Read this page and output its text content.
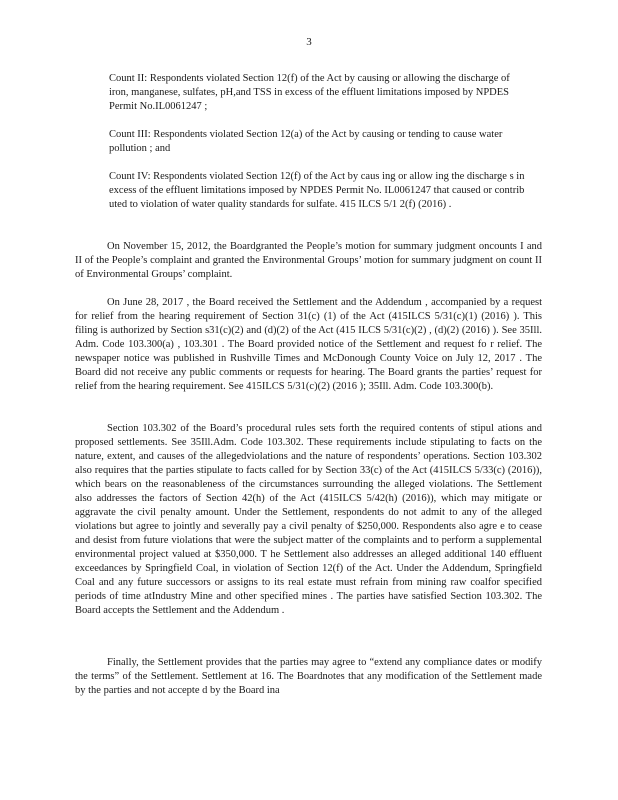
3

Count II: Respondents violated Section 12(f) of the Act by causing or allowing the discharge of iron, manganese, sulfates, pH,and TSS in excess of the effluent limitations imposed by NPDES Permit No.IL0061247 ;

Count III: Respondents violated Section 12(a) of the Act by causing or tending to cause water pollution ; and

Count IV: Respondents violated Section 12(f) of the Act by caus ing or allow ing the discharge s in excess of the effluent limitations imposed by NPDES Permit No. IL0061247 that caused or contrib uted to violation of water quality standards for sulfate. 415 ILCS 5/1 2(f) (2016) .

On November 15, 2012, the Boardgranted the People’s motion for summary judgment oncounts I and II of the People’s complaint and granted the Environmental Groups’ motion for summary judgment on count II of Environmental Groups’ complaint.

On June 28, 2017 , the Board received the Settlement and the Addendum , accompanied by a request for relief from the hearing requirement of Section 31(c) (1) of the Act (415ILCS 5/31(c)(1) (2016) ). This filing is authorized by Section s31(c)(2) and (d)(2) of the Act (415 ILCS 5/31(c)(2) , (d)(2) (2016) ). See 35Ill. Adm. Code 103.300(a) , 103.301 . The Board provided notice of the Settlement and request fo r relief. The newspaper notice was published in Rushville Times and McDonough County Voice on July 12, 2017 . The Board did not receive any public comments or requests for hearing. The Board grants the parties’ request for relief from the hearing requirement. See 415ILCS 5/31(c)(2) (2016 ); 35Ill. Adm. Code 103.300(b).

Section 103.302 of the Board’s procedural rules sets forth the required contents of stipul ations and proposed settlements. See 35Ill.Adm. Code 103.302. These requirements include stipulating to facts on the nature, extent, and causes of the allegedviolations and the nature of respondents’ operations. Section 103.302 also requires that the parties stipulate to facts called for by Section 33(c) of the Act (415ILCS 5/33(c) (2016)), which bears on the reasonableness of the circumstances surrounding the alleged violations. The Settlement also addresses the factors of Section 42(h) of the Act (415ILCS 5/42(h) (2016)), which may mitigate or aggravate the civil penalty amount. Under the Settlement, respondents do not admit to any of the alleged violations but agree to jointly and severally pay a civil penalty of $250,000. Respondents also agre e to cease and desist from future violations that were the subject matter of the complaints and to perform a supplemental environmental project valued at $350,000. T he Settlement also addresses an alleged additional 140 effluent exceedances by Springfield Coal, in violation of Section 12(f) of the Act. Under the Addendum, Springfield Coal and any future successors or assigns to its real estate must refrain from mining raw coalfor specified periods of time atIndustry Mine and other specified mines . The parties have satisfied Section 103.302. The Board accepts the Settlement and the Addendum .

Finally, the Settlement provides that the parties may agree to “extend any compliance dates or modify the terms” of the Settlement. Settlement at 16. The Boardnotes that any modification of the Settlement made by the parties and not accepte d by the Board ina
